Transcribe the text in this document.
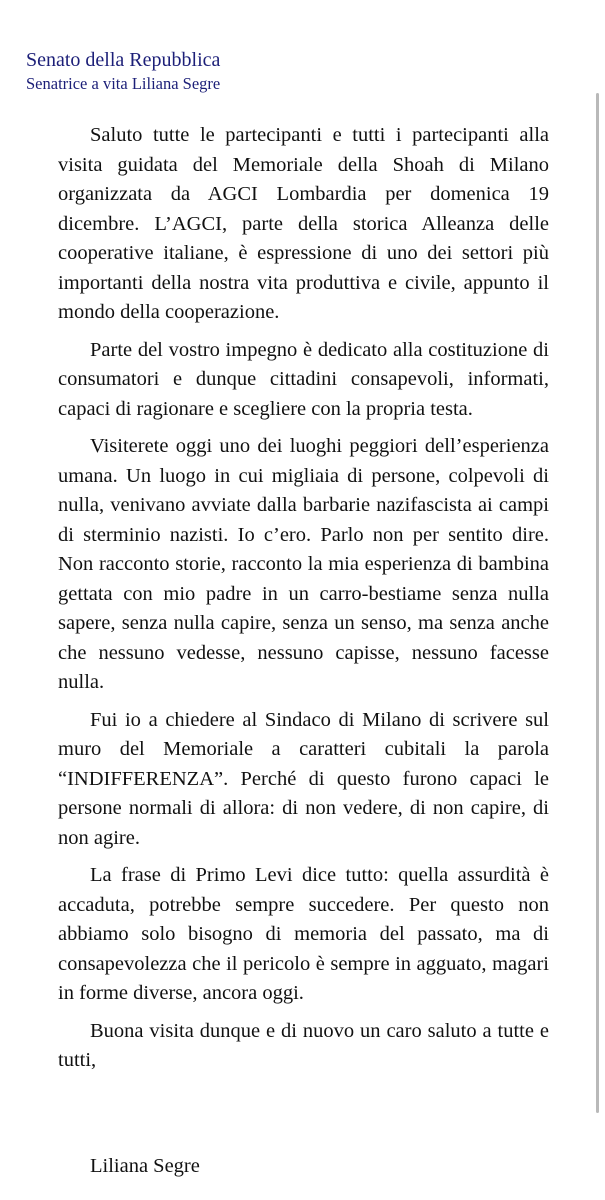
Senato della Repubblica
Senatrice a vita Liliana Segre

Saluto tutte le partecipanti e tutti i partecipanti alla visita guidata del Memoriale della Shoah di Milano organizzata da AGCI Lombardia per domenica 19 dicembre. L’AGCI, parte della storica Alleanza delle cooperative italiane, è espressione di uno dei settori più importanti della nostra vita produttiva e civile, appunto il mondo della cooperazione.

Parte del vostro impegno è dedicato alla costituzione di consumatori e dunque cittadini consapevoli, informati, capaci di ragionare e scegliere con la propria testa.

Visiterete oggi uno dei luoghi peggiori dell’esperienza umana. Un luogo in cui migliaia di persone, colpevoli di nulla, venivano avviate dalla barbarie nazifascista ai campi di sterminio nazisti. Io c’ero. Parlo non per sentito dire. Non racconto storie, racconto la mia esperienza di bambina gettata con mio padre in un carro-bestiame senza nulla sapere, senza nulla capire, senza un senso, ma senza anche che nessuno vedesse, nessuno capisse, nessuno facesse nulla.

Fui io a chiedere al Sindaco di Milano di scrivere sul muro del Memoriale a caratteri cubitali la parola “INDIFFERENZA”. Perché di questo furono capaci le persone normali di allora: di non vedere, di non capire, di non agire.

La frase di Primo Levi dice tutto: quella assurdità è accaduta, potrebbe sempre succedere. Per questo non abbiamo solo bisogno di memoria del passato, ma di consapevolezza che il pericolo è sempre in agguato, magari in forme diverse, ancora oggi.

Buona visita dunque e di nuovo un caro saluto a tutte e tutti,

Liliana Segre
